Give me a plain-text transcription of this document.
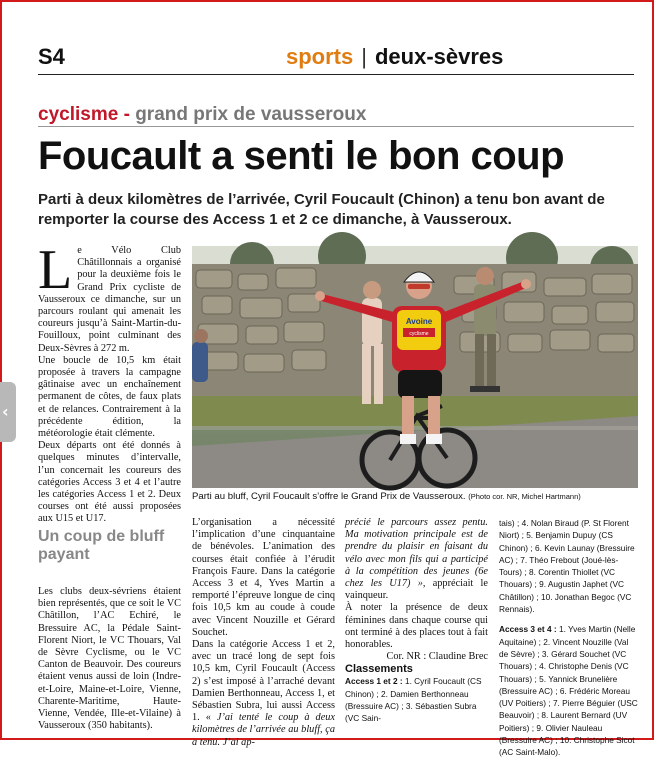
S4	sports | deux-sèvres
cyclisme - grand prix de vausseroux
Foucault a senti le bon coup
Parti à deux kilomètres de l’arrivée, Cyril Foucault (Chinon) a tenu bon avant de remporter la course des Access 1 et 2 ce dimanche, à Vausseroux.

Le Vélo Club Châtillonnais a organisé pour la deuxième fois le Grand Prix cycliste de Vausseroux ce dimanche, sur un parcours roulant qui amenait les coureurs jusqu’à Saint-Martin-du-Fouilloux, point culminant des Deux-Sèvres à 272 m.

Une boucle de 10,5 km était proposée à travers la campagne gâtinaise avec un enchaînement permanent de côtes, de faux plats et de relances. Contrairement à la précédente édition, la météorologie était clémente.

Deux départs ont été donnés à quelques minutes d’intervalle, l’un concernait les coureurs des catégories Access 3 et 4 et l’autre les catégories Access 1 et 2. Deux courses ont été aussi proposées aux U15 et U17.

Un coup de bluff payant

Les clubs deux-sévriens étaient bien représentés, que ce soit le VC Châtillon, l’AC Echiré, le Bressuire AC, la Pédale Saint-Florent Niort, le VC Thouars, Val de Sèvre Cyclisme, ou le VC Canton de Beauvoir. Des coureurs étaient venus aussi de loin (Indre-et-Loire, Maine-et-Loire, Vienne, Charente-Maritime, Haute-Vienne, Vendée, Ille-et-Vilaine) à Vausseroux (350 habitants).

Avoine
cyclisme
Parti au bluff, Cyril Foucault s’offre le Grand Prix de Vausseroux. (Photo cor. NR, Michel Hartmann)

L’organisation a nécessité l’implication d’une cinquantaine de bénévoles. L’animation des courses était confiée à l’érudit François Faure. Dans la catégorie Access 3 et 4, Yves Martin a remporté l’épreuve longue de cinq fois 10,5 km au coude à coude avec Vincent Nouzille et Gérard Souchet.

Dans la catégorie Access 1 et 2, avec un tracé long de sept fois 10,5 km, Cyril Foucault (Access 2) s’est imposé à l’arraché devant Damien Berthonneau, Access 1, et Sébastien Subra, lui aussi Access 1. « J’ai tenté le coup à deux kilomètres de l’arrivée au bluff, ça a tenu. J’ai ap-

précié le parcours assez pentu. Ma motivation principale est de prendre du plaisir en faisant du vélo avec mon fils qui a participé à la compétition des jeunes (6e chez les U17) », appréciait le vainqueur.

À noter la présence de deux féminines dans chaque course qui ont terminé à des places tout à fait honorables.

Cor. NR : Claudine Brec

Classements

Access 1 et 2 : 1. Cyril Foucault (CS Chinon) ; 2. Damien Berthonneau (Bressuire AC) ; 3. Sébastien Subra (VC Sain-

tais) ; 4. Nolan Biraud (P. St Florent Niort) ; 5. Benjamin Dupuy (CS Chinon) ; 6. Kevin Launay (Bressuire AC) ; 7. Théo Frebout (Joué-lès-Tours) ; 8. Corentin Thiollet (VC Thouars) ; 9. Augustin Japhet (VC Châtillon) ; 10. Jonathan Begoc (VC Rennais).

Access 3 et 4 : 1. Yves Martin (Nelle Aquitaine) ; 2. Vincent Nouzille (Val de Sèvre) ; 3. Gérard Souchet (VC Thouars) ; 4. Christophe Denis (VC Thouars) ; 5. Yannick Brunelière (Bressuire AC) ; 6. Frédéric Moreau (UV Poitiers) ; 7. Pierre Béguier (USC Beauvoir) ; 8. Laurent Bernard (UV Poitiers) ; 9. Olivier Nauleau (Bressuire AC) ; 10. Christophe Sicot (AC Saint-Malo).

‹
